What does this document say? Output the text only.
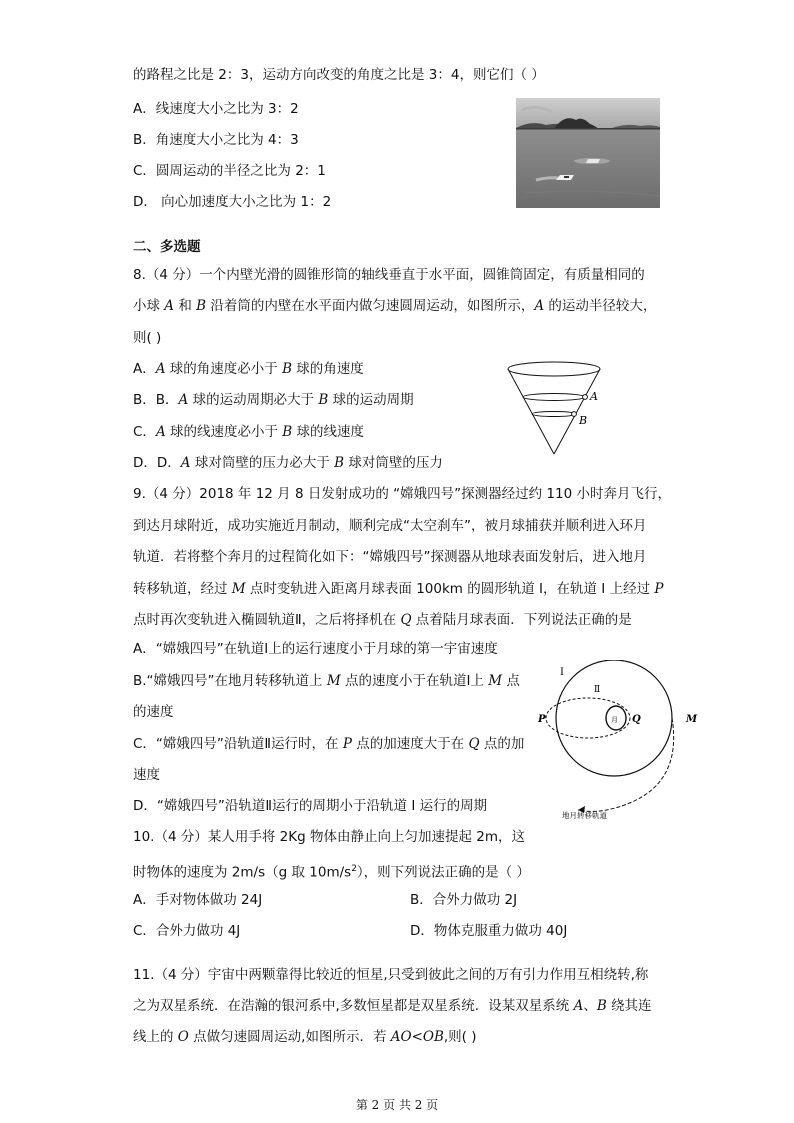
的路程之比是 2：3，运动方向改变的角度之比是 3：4，则它们（ ）
A．线速度大小之比为 3：2
B．角速度大小之比为 4：3
C．圆周运动的半径之比为 2：1
D． 向心加速度大小之比为 1：2
二、多选题
8.（4 分）一个内壁光滑的圆锥形筒的轴线垂直于水平面，圆锥筒固定，有质量相同的
小球 A 和 B 沿着筒的内壁在水平面内做匀速圆周运动，如图所示，A 的运动半径较大，
则( )
A．A 球的角速度必小于 B 球的角速度
B．B．A 球的运动周期必大于 B 球的运动周期
C．A 球的线速度必小于 B 球的线速度
D．D．A 球对筒壁的压力必大于 B 球对筒壁的压力
A
B
9.（4 分）2018 年 12 月 8 日发射成功的 “嫦娥四号”探测器经过约 110 小时奔月飞行，
到达月球附近，成功实施近月制动，顺利完成“太空刹车”，被月球捕获并顺利进入环月
轨道．若将整个奔月的过程简化如下：“嫦娥四号”探测器从地球表面发射后，进入地月
转移轨道，经过 M 点时变轨进入距离月球表面 100km 的圆形轨道 Ⅰ，在轨道 Ⅰ 上经过 P
点时再次变轨进入椭圆轨道Ⅱ，之后将择机在 Q 点着陆月球表面．下列说法正确的是
A．“嫦娥四号”在轨道Ⅰ上的运行速度小于月球的第一宇宙速度
B.“嫦娥四号”在地月转移轨道上 M 点的速度小于在轨道Ⅰ上 M 点
的速度
C．“嫦娥四号”沿轨道Ⅱ运行时，在 P 点的加速度大于在 Q 点的加
速度
D．“嫦娥四号”沿轨道Ⅱ运行的周期小于沿轨道 Ⅰ 运行的周期
Ⅰ
Ⅱ
P	Q	M
月
地月转移轨道
10.（4 分）某人用手将 2Kg 物体由静止向上匀加速提起 2m，这
时物体的速度为 2m/s（g 取 $10m/s^2$），则下列说法正确的是（ ）
A．手对物体做功 24J	B．合外力做功 2J
C．合外力做功 4J	D．物体克服重力做功 40J
11.（4 分）宇宙中两颗靠得比较近的恒星,只受到彼此之间的万有引力作用互相绕转,称
之为双星系统．在浩瀚的银河系中,多数恒星都是双星系统．设某双星系统 A、B 绕其连
线上的 O 点做匀速圆周运动,如图所示．若 AO<OB,则( )
第 2 页 共 2 页
